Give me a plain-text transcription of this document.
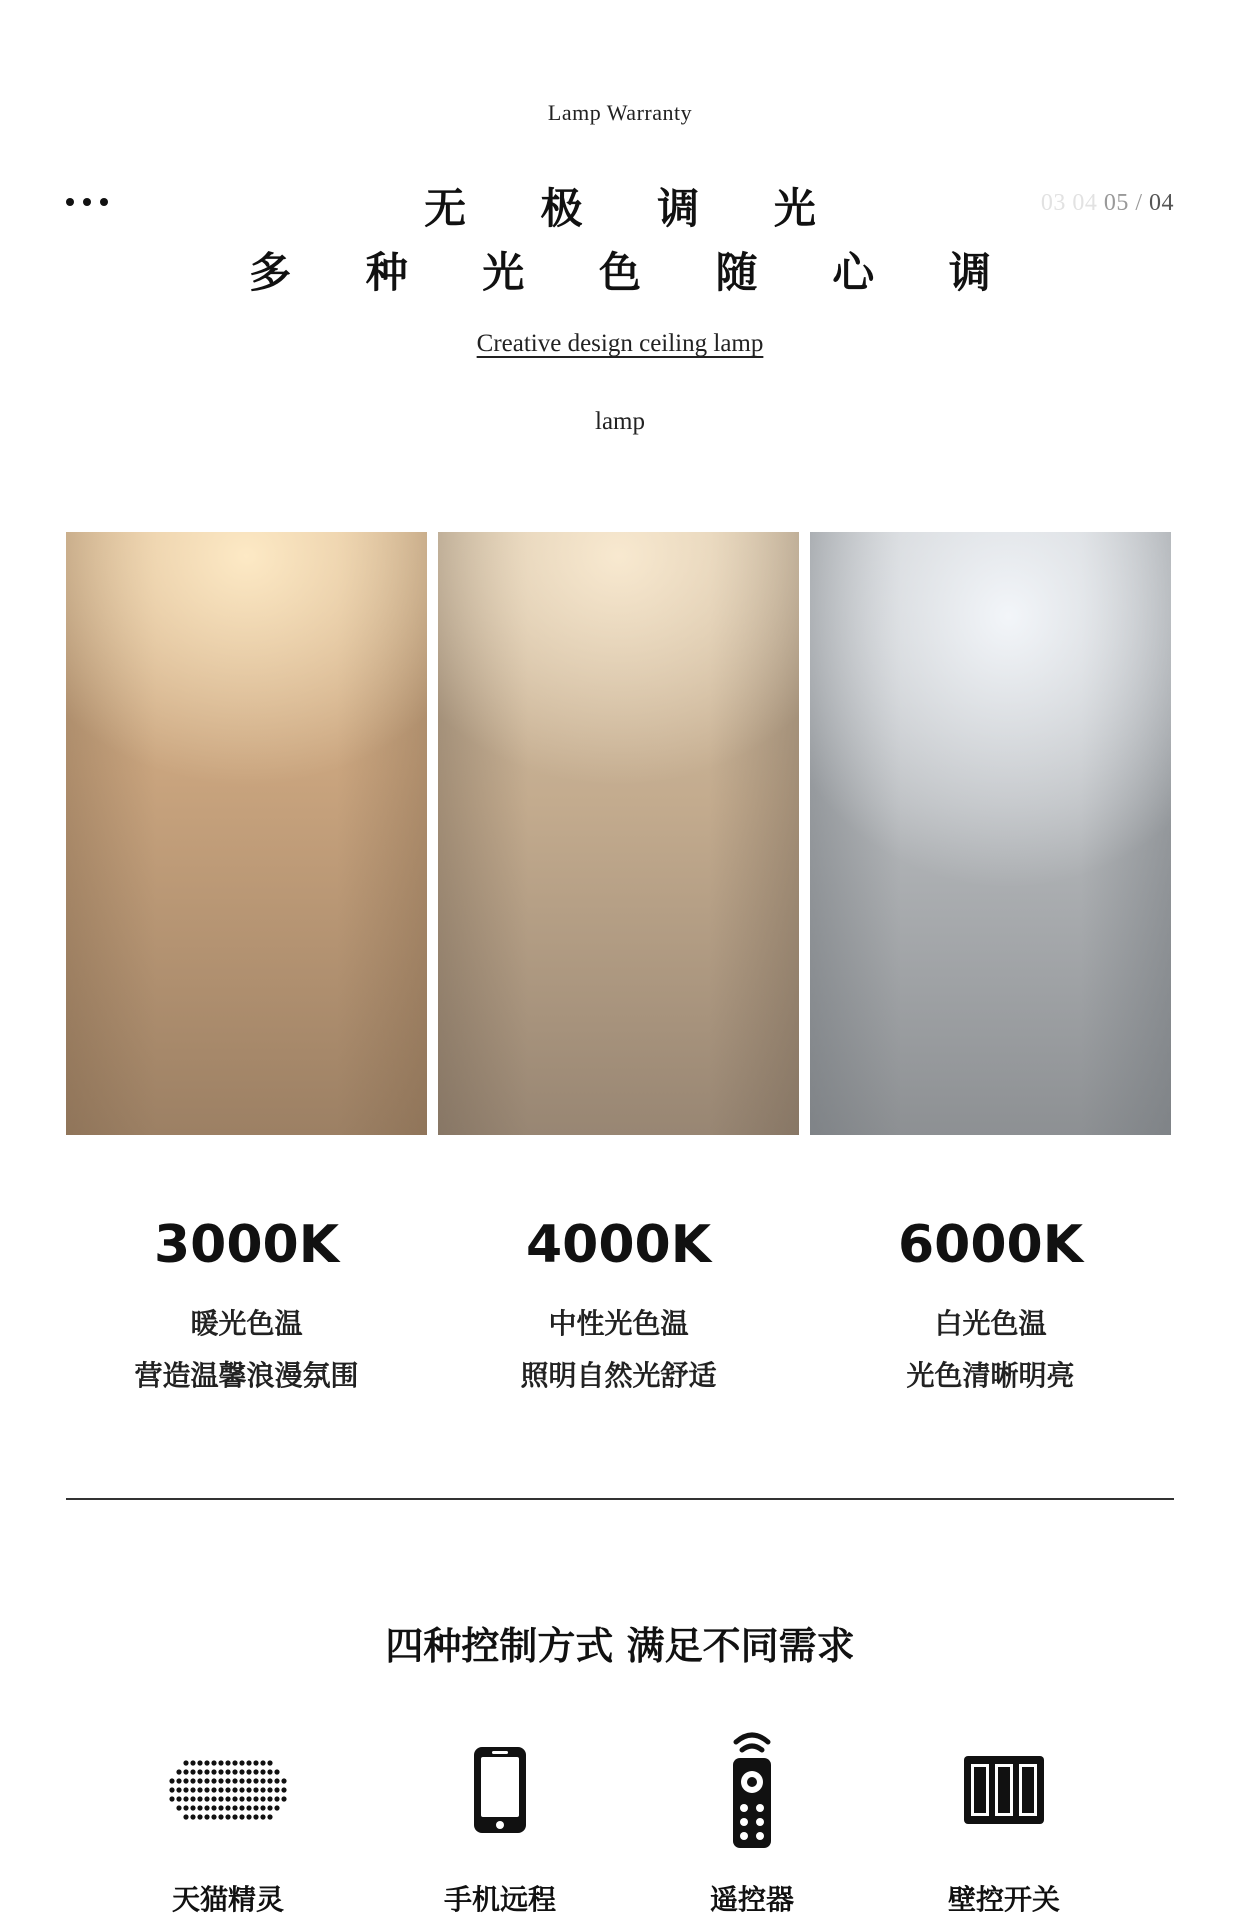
Lamp Warranty
03 04 05 / 04
无 极 调 光
多 种 光 色 随 心 调
Creative design ceiling lamp
lamp
3000K
暖光色温
营造温馨浪漫氛围
4000K
中性光色温
照明自然光舒适
6000K
白光色温
光色清晰明亮
四种控制方式 满足不同需求
天猫精灵	手机远程	遥控器	壁控开关
